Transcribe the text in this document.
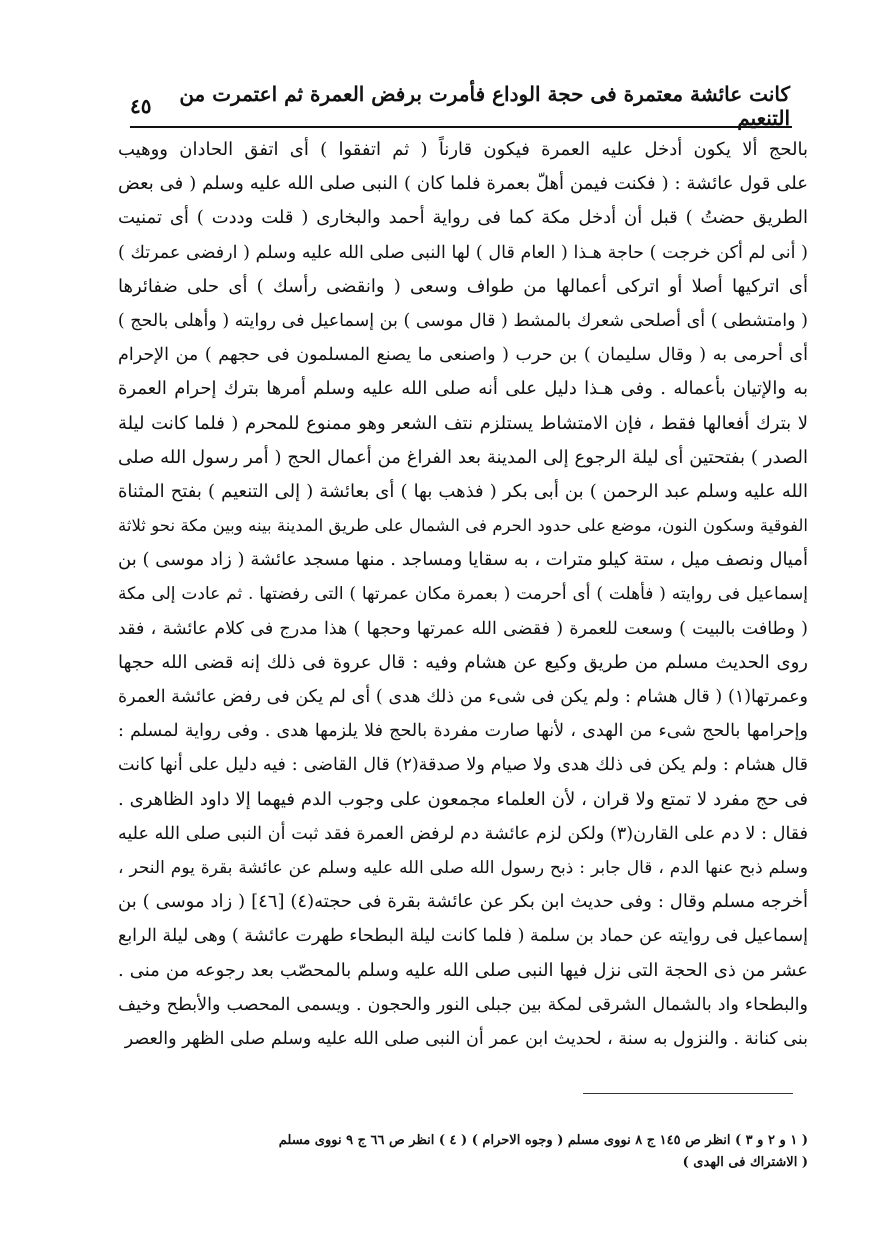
كانت عائشة معتمرة فى حجة الوداع فأمرت برفض العمرة ثم اعتمرت من التنعيم
٤٥
بالحج ألا يكون أدخل عليه العمرة فيكون قارناً ( ثم اتفقوا ) أى اتفق الحادان ووهيب
على قول عائشة : ( فكنت فيمن أهلّ بعمرة فلما كان ) النبى صلى الله عليه وسلم ( فى بعض
الطريق حضتُ ) قبل أن أدخل مكة كما فى رواية أحمد والبخارى ( قلت وددت ) أى تمنيت
( أنى لم أكن خرجت ) حاجة هـذا ( العام قال ) لها النبى صلى الله عليه وسلم ( ارفضى عمرتك )
أى اتركيها أصلا أو اتركى أعمالها من طواف وسعى ( وانقضى رأسك ) أى حلى ضفائرها
( وامتشطى ) أى أصلحى شعرك بالمشط ( قال موسى ) بن إسماعيل فى روايته ( وأهلى بالحج )
أى أحرمى به ( وقال سليمان ) بن حرب ( واصنعى ما يصنع المسلمون فى حجهم ) من الإحرام
به والإتيان بأعماله . وفى هـذا دليل على أنه صلى الله عليه وسلم أمرها بترك إحرام العمرة
لا بترك أفعالها فقط ، فإن الامتشاط يستلزم نتف الشعر وهو ممنوع للمحرم ( فلما كانت ليلة
الصدر ) بفتحتين أى ليلة الرجوع إلى المدينة بعد الفراغ من أعمال الحج ( أمر رسول الله صلى
الله عليه وسلم عبد الرحمن ) بن أبى بكر ( فذهب بها ) أى بعائشة ( إلى التنعيم ) بفتح المثناة
الفوقية وسكون النون، موضع على حدود الحرم فى الشمال على طريق المدينة بينه وبين مكة نحو ثلاثة
أميال ونصف ميل ، ستة كيلو مترات ، به سقايا ومساجد . منها مسجد عائشة ( زاد موسى ) بن
إسماعيل فى روايته ( فأهلت ) أى أحرمت ( بعمرة مكان عمرتها ) التى رفضتها . ثم عادت إلى مكة
( وطافت بالبيت ) وسعت للعمرة ( فقضى الله عمرتها وحجها ) هذا مدرج فى كلام عائشة ، فقد
روى الحديث مسلم من طريق وكيع عن هشام وفيه : قال عروة فى ذلك إنه قضى الله حجها
وعمرتها(١) ( قال هشام : ولم يكن فى شىء من ذلك هدى ) أى لم يكن فى رفض عائشة العمرة
وإحرامها بالحج شىء من الهدى ، لأنها صارت مفردة بالحج فلا يلزمها هدى . وفى رواية لمسلم :
قال هشام : ولم يكن فى ذلك هدى ولا صيام ولا صدقة(٢) قال القاضى : فيه دليل على أنها كانت
فى حج مفرد لا تمتع ولا قران ، لأن العلماء مجمعون على وجوب الدم فيهما إلا داود الظاهرى .
فقال : لا دم على القارن(٣) ولكن لزم عائشة دم لرفض العمرة فقد ثبت أن النبى صلى الله عليه
وسلم ذبح عنها الدم ، قال جابر : ذبح رسول الله صلى الله عليه وسلم عن عائشة بقرة يوم النحر ،
أخرجه مسلم وقال : وفى حديث ابن بكر عن عائشة بقرة فى حجته(٤) [٤٦] ( زاد موسى ) بن
إسماعيل فى روايته عن حماد بن سلمة ( فلما كانت ليلة البطحاء طهرت عائشة ) وهى ليلة الرابع
عشر من ذى الحجة التى نزل فيها النبى صلى الله عليه وسلم بالمحصّب بعد رجوعه من منى .
والبطحاء واد بالشمال الشرقى لمكة بين جبلى النور والحجون . ويسمى المحصب والأبطح وخيف
بنى كنانة . والنزول به سنة ، لحديث ابن عمر أن النبى صلى الله عليه وسلم صلى الظهر والعصر
( ١ و ٢ و ٣ ) انظر ص ١٤٥ ج ٨ نووى مسلم ( وجوه الاحرام ) ( ٤ ) انظر ص ٦٦ ج ٩ نووى مسلم
( الاشتراك فى الهدى )
